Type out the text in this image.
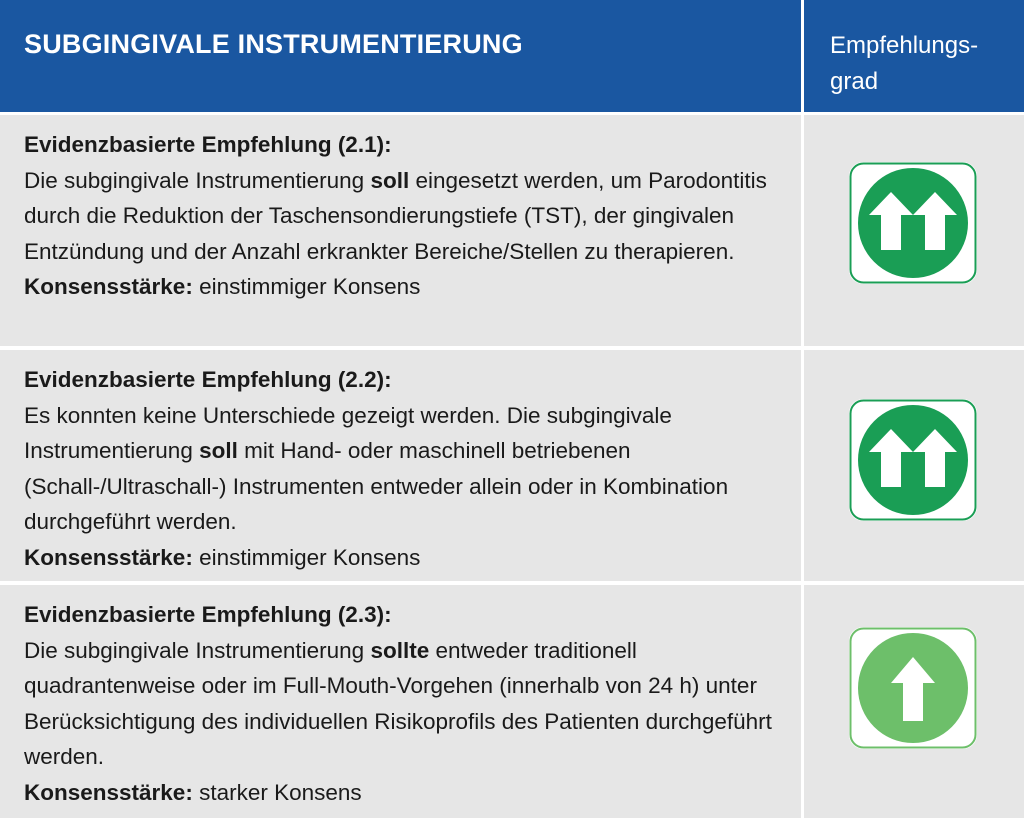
SUBGINGIVALE INSTRUMENTIERUNG	Empfehlungs-
grad
Evidenzbasierte Empfehlung (2.1):
Die subgingivale Instrumentierung soll eingesetzt werden, um Parodontitis durch die Reduktion der Taschensondierungstiefe (TST), der gingivalen Entzündung und der Anzahl erkrankter Bereiche/Stellen zu therapieren.
Konsensstärke: einstimmiger Konsens
Evidenzbasierte Empfehlung (2.2):
Es konnten keine Unterschiede gezeigt werden. Die subgingivale Instrumentierung soll mit Hand- oder maschinell betriebenen (Schall-/Ultraschall-) Instrumenten entweder allein oder in Kombination durchgeführt werden.
Konsensstärke: einstimmiger Konsens
Evidenzbasierte Empfehlung (2.3):
Die subgingivale Instrumentierung sollte entweder traditionell quadrantenweise oder im Full-Mouth-Vorgehen (innerhalb von 24 h) unter Berücksichtigung des individuellen Risikoprofils des Patienten durchgeführt werden.
Konsensstärke: starker Konsens
